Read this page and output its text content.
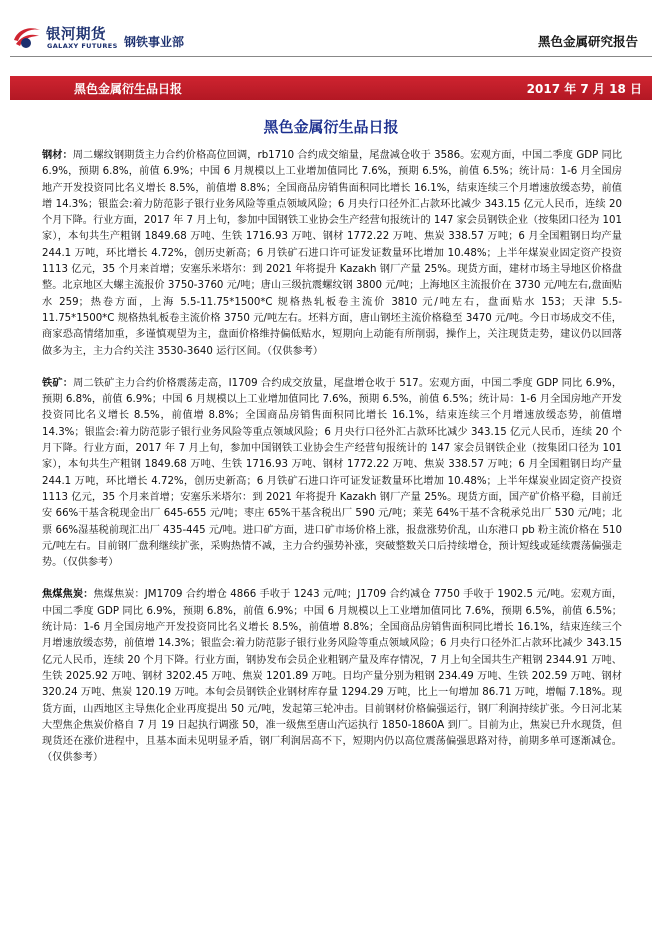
银河期货
GALAXY FUTURES 钢铁事业部	黑色金属研究报告
黑色金属衍生品日报	2017 年 7 月 18 日
黑色金属衍生品日报

钢材：周二螺纹钢期货主力合约价格高位回调，rb1710 合约成交缩量，尾盘减仓收于 3586。宏观方面，中国二季度 GDP 同比 6.9%，预期 6.8%，前值 6.9%；中国 6 月规模以上工业增加值同比 7.6%，预期 6.5%，前值 6.5%；统计局：1-6 月全国房地产开发投资同比名义增长 8.5%，前值增 8.8%；全国商品房销售面积同比增长 16.1%，结束连续三个月增速放缓态势，前值增 14.3%；银监会:着力防范影子银行业务风险等重点领域风险；6 月央行口径外汇占款环比减少 343.15 亿元人民币，连续 20 个月下降。行业方面，2017 年 7 月上旬，参加中国钢铁工业协会生产经营旬报统计的 147 家会员钢铁企业（按集团口径为 101 家），本旬共生产粗钢 1849.68 万吨、生铁 1716.93 万吨、钢材 1772.22 万吨、焦炭 338.57 万吨；6 月全国粗钢日均产量 244.1 万吨，环比增长 4.72%，创历史新高；6 月铁矿石进口许可证发证数量环比增加 10.48%；上半年煤炭业固定资产投资 1113 亿元，35 个月来首增；安塞乐米塔尔：到 2021 年将提升 Kazakh 钢厂产量 25%。现货方面，建材市场主导地区价格盘整。北京地区大螺主流报价 3750-3760 元/吨；唐山三级抗震螺纹钢 3800 元/吨；上海地区主流报价在 3730 元/吨左右,盘面贴水 259；热卷方面，上海 5.5-11.75*1500*C 规格热轧板卷主流价 3810 元/吨左右，盘面贴水 153；天津 5.5-11.75*1500*C 规格热轧板卷主流价格 3750 元/吨左右。坯料方面，唐山钢坯主流价格稳至 3470 元/吨。今日市场成交不佳，商家恐高情绪加重，多谨慎观望为主，盘面价格维持偏低贴水，短期向上动能有所削弱，操作上，关注现货走势，建议仍以回落做多为主，主力合约关注 3530-3640 运行区间。（仅供参考）

铁矿：周二铁矿主力合约价格震荡走高，I1709 合约成交放量，尾盘增仓收于 517。宏观方面，中国二季度 GDP 同比 6.9%，预期 6.8%，前值 6.9%；中国 6 月规模以上工业增加值同比 7.6%，预期 6.5%，前值 6.5%；统计局：1-6 月全国房地产开发投资同比名义增长 8.5%，前值增 8.8%；全国商品房销售面积同比增长 16.1%，结束连续三个月增速放缓态势，前值增 14.3%；银监会:着力防范影子银行业务风险等重点领域风险；6 月央行口径外汇占款环比减少 343.15 亿元人民币，连续 20 个月下降。行业方面，2017 年 7 月上旬，参加中国钢铁工业协会生产经营旬报统计的 147 家会员钢铁企业（按集团口径为 101 家），本旬共生产粗钢 1849.68 万吨、生铁 1716.93 万吨、钢材 1772.22 万吨、焦炭 338.57 万吨；6 月全国粗钢日均产量 244.1 万吨，环比增长 4.72%，创历史新高；6 月铁矿石进口许可证发证数量环比增加 10.48%；上半年煤炭业固定资产投资 1113 亿元，35 个月来首增；安塞乐米塔尔：到 2021 年将提升 Kazakh 钢厂产量 25%。现货方面，国产矿价格平稳，目前迁安 66%干基含税现金出厂 645-655 元/吨；枣庄 65%干基含税出厂 590 元/吨；莱芜 64%干基不含税承兑出厂 530 元/吨；北票 66%湿基税前现汇出厂 435-445 元/吨。进口矿方面，进口矿市场价格上涨，报盘涨势价乱，山东港口 pb 粉主流价格在 510 元/吨左右。目前钢厂盘利继续扩张，采购热情不减，主力合约强势补涨，突破整数关口后持续增仓，预计短线或延续震荡偏强走势。（仅供参考）

焦煤焦炭：焦煤焦炭：JM1709 合约增仓 4866 手收于 1243 元/吨；J1709 合约减仓 7750 手收于 1902.5 元/吨。宏观方面，中国二季度 GDP 同比 6.9%，预期 6.8%，前值 6.9%；中国 6 月规模以上工业增加值同比 7.6%，预期 6.5%，前值 6.5%；统计局：1-6 月全国房地产开发投资同比名义增长 8.5%，前值增 8.8%；全国商品房销售面积同比增长 16.1%，结束连续三个月增速放缓态势，前值增 14.3%；银监会:着力防范影子银行业务风险等重点领域风险；6 月央行口径外汇占款环比减少 343.15 亿元人民币，连续 20 个月下降。行业方面，钢协发布会员企业粗钢产量及库存情况，7 月上旬全国共生产粗钢 2344.91 万吨、生铁 2025.92 万吨、钢材 3202.45 万吨、焦炭 1201.89 万吨。日均产量分别为粗钢 234.49 万吨、生铁 202.59 万吨、钢材 320.24 万吨、焦炭 120.19 万吨。本旬会员钢铁企业钢材库存量 1294.29 万吨，比上一旬增加 86.71 万吨，增幅 7.18%。现货方面，山西地区主导焦化企业再度提出 50 元/吨，发起第三轮冲击。目前钢材价格偏强运行，钢厂利润持续扩张。今日河北某大型焦企焦炭价格自 7 月 19 日起执行调涨 50，准一级焦至唐山汽运执行 1850-1860A 到厂。目前为止，焦炭已升水现货，但现货还在涨价进程中，且基本面未见明显矛盾，钢厂利润居高不下，短期内仍以高位震荡偏强思路对待，前期多单可逐渐减仓。（仅供参考）
